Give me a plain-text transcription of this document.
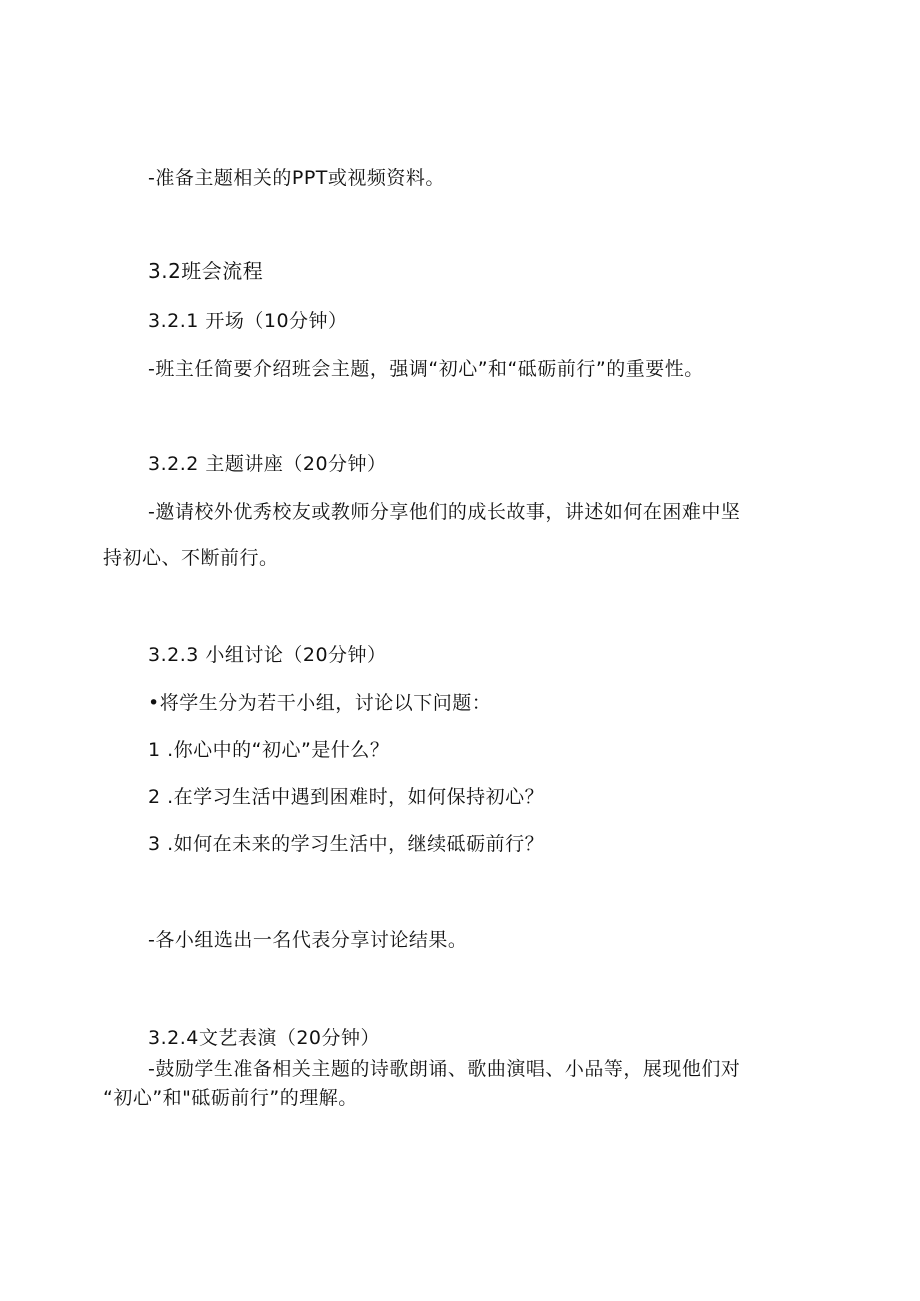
-准备主题相关的PPT或视频资料。
3.2班会流程
3.2.1 开场（10分钟）
-班主任简要介绍班会主题，强调“初心”和“砥砺前行”的重要性。
3.2.2 主题讲座（20分钟）
-邀请校外优秀校友或教师分享他们的成长故事，讲述如何在困难中坚
持初心、不断前行。
3.2.3 小组讨论（20分钟）
•将学生分为若干小组，讨论以下问题：
1 .你心中的“初心”是什么？
2 .在学习生活中遇到困难时，如何保持初心？
3 .如何在未来的学习生活中，继续砥砺前行？
-各小组选出一名代表分享讨论结果。
3.2.4文艺表演（20分钟）
-鼓励学生准备相关主题的诗歌朗诵、歌曲演唱、小品等，展现他们对
“初心”和"砥砺前行”的理解。
